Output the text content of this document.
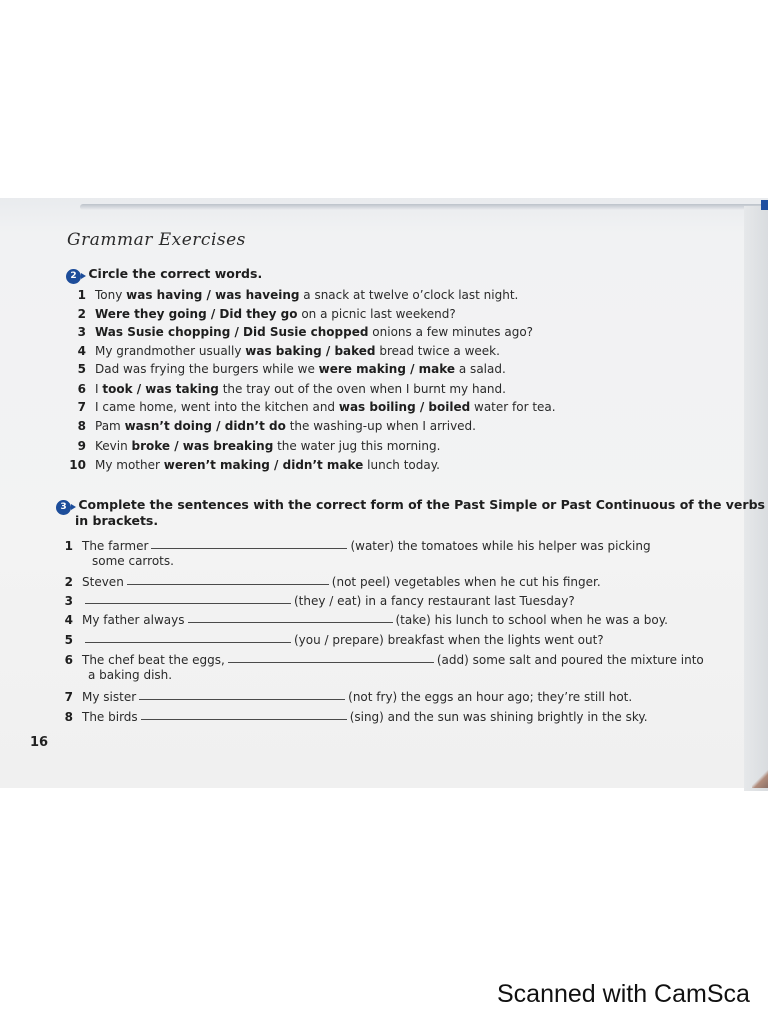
Grammar Exercises
2 Circle the correct words.
1 Tony was having / was haveing a snack at twelve o’clock last night.
2 Were they going / Did they go on a picnic last weekend?
3 Was Susie chopping / Did Susie chopped onions a few minutes ago?
4 My grandmother usually was baking / baked bread twice a week.
5 Dad was frying the burgers while we were making / make a salad.
6 I took / was taking the tray out of the oven when I burnt my hand.
7 I came home, went into the kitchen and was boiling / boiled water for tea.
8 Pam wasn’t doing / didn’t do the washing-up when I arrived.
9 Kevin broke / was breaking the water jug this morning.
10 My mother weren’t making / didn’t make lunch today.
3 Complete the sentences with the correct form of the Past Simple or Past Continuous of the verbs
in brackets.
1 The farmer	(water) the tomatoes while his helper was picking
some carrots.
2 Steven	(not peel) vegetables when he cut his finger.
3	(they / eat) in a fancy restaurant last Tuesday?
4 My father always	(take) his lunch to school when he was a boy.
5	(you / prepare) breakfast when the lights went out?
6 The chef beat the eggs,	(add) some salt and poured the mixture into
a baking dish.
7 My sister	(not fry) the eggs an hour ago; they’re still hot.
8 The birds	(sing) and the sun was shining brightly in the sky.
16
Scanned with CamSca
